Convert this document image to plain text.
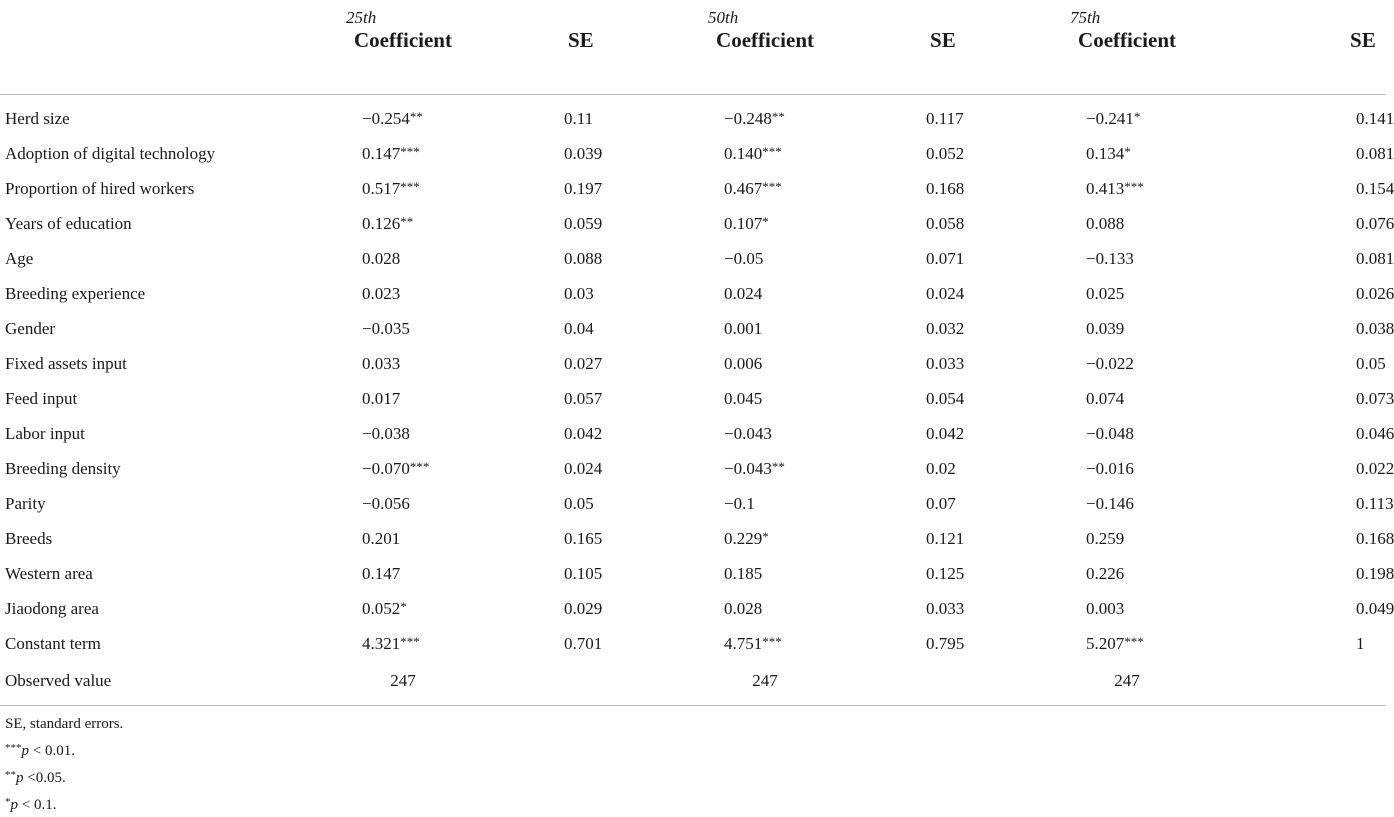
	25th		50th		75th	
	Coefficient	SE	Coefficient	SE	Coefficient	SE
Herd size	−0.254**	0.11	−0.248**	0.117	−0.241*	0.141
Adoption of digital technology	0.147***	0.039	0.140***	0.052	0.134*	0.081
Proportion of hired workers	0.517***	0.197	0.467***	0.168	0.413***	0.154
Years of education	0.126**	0.059	0.107*	0.058	0.088	0.076
Age	0.028	0.088	−0.05	0.071	−0.133	0.081
Breeding experience	0.023	0.03	0.024	0.024	0.025	0.026
Gender	−0.035	0.04	0.001	0.032	0.039	0.038
Fixed assets input	0.033	0.027	0.006	0.033	−0.022	0.05
Feed input	0.017	0.057	0.045	0.054	0.074	0.073
Labor input	−0.038	0.042	−0.043	0.042	−0.048	0.046
Breeding density	−0.070***	0.024	−0.043**	0.02	−0.016	0.022
Parity	−0.056	0.05	−0.1	0.07	−0.146	0.113
Breeds	0.201	0.165	0.229*	0.121	0.259	0.168
Western area	0.147	0.105	0.185	0.125	0.226	0.198
Jiaodong area	0.052*	0.029	0.028	0.033	0.003	0.049
Constant term	4.321***	0.701	4.751***	0.795	5.207***	1
Observed value	247		247		247	
SE, standard errors.
***p < 0.01.
**p <0.05.
*p < 0.1.
